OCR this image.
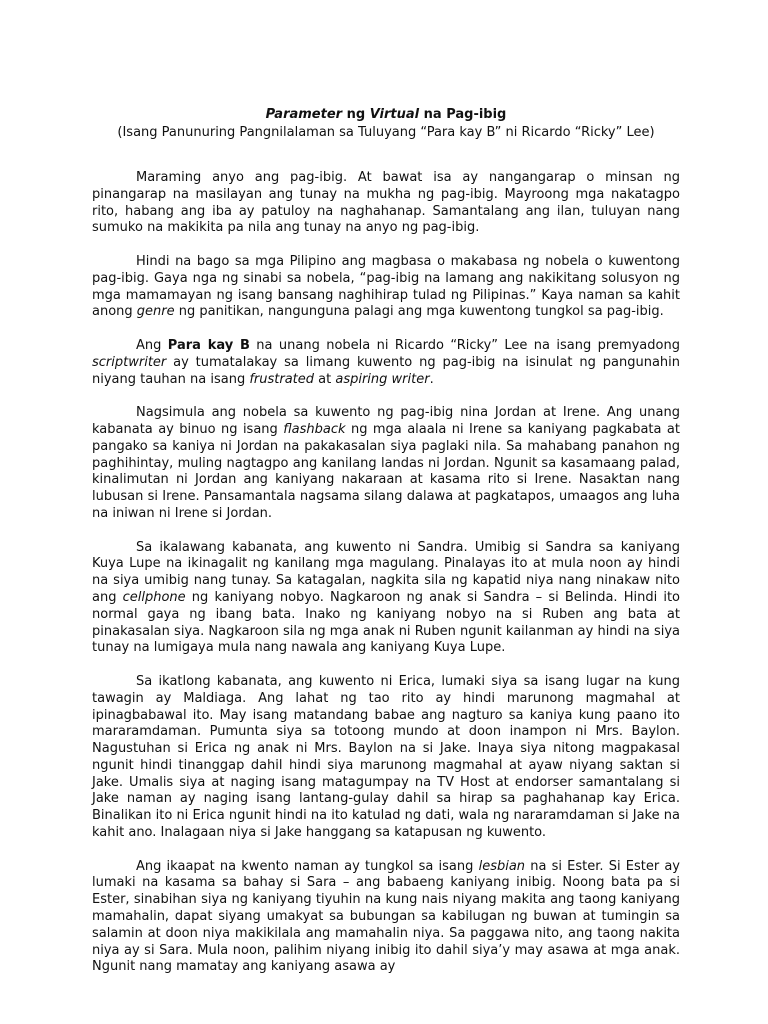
Parameter ng Virtual na Pag-ibig
(Isang Panunuring Pangnilalaman sa Tuluyang “Para kay B” ni Ricardo “Ricky” Lee)

Maraming anyo ang pag-ibig. At bawat isa ay nangangarap o minsan ng pinangarap na masilayan ang tunay na mukha ng pag-ibig. Mayroong mga nakatagpo rito, habang ang iba ay patuloy na naghahanap. Samantalang ang ilan, tuluyan nang sumuko na makikita pa nila ang tunay na anyo ng pag-ibig.

Hindi na bago sa mga Pilipino ang magbasa o makabasa ng nobela o kuwentong pag-ibig. Gaya nga ng sinabi sa nobela, “pag-ibig na lamang ang nakikitang solusyon ng mga mamamayan ng isang bansang naghihirap tulad ng Pilipinas.” Kaya naman sa kahit anong genre ng panitikan, nangunguna palagi ang mga kuwentong tungkol sa pag-ibig.

Ang Para kay B na unang nobela ni Ricardo “Ricky” Lee na isang premyadong scriptwriter ay tumatalakay sa limang kuwento ng pag-ibig na isinulat ng pangunahin niyang tauhan na isang frustrated at aspiring writer.

Nagsimula ang nobela sa kuwento ng pag-ibig nina Jordan at Irene. Ang unang kabanata ay binuo ng isang flashback ng mga alaala ni Irene sa kaniyang pagkabata at pangako sa kaniya ni Jordan na pakakasalan siya paglaki nila. Sa mahabang panahon ng paghihintay, muling nagtagpo ang kanilang landas ni Jordan. Ngunit sa kasamaang palad, kinalimutan ni Jordan ang kaniyang nakaraan at kasama rito si Irene. Nasaktan nang lubusan si Irene. Pansamantala nagsama silang dalawa at pagkatapos, umaagos ang luha na iniwan ni Irene si Jordan.

Sa ikalawang kabanata, ang kuwento ni Sandra. Umibig si Sandra sa kaniyang Kuya Lupe na ikinagalit ng kanilang mga magulang. Pinalayas ito at mula noon ay hindi na siya umibig nang tunay. Sa katagalan, nagkita sila ng kapatid niya nang ninakaw nito ang cellphone ng kaniyang nobyo. Nagkaroon ng anak si Sandra – si Belinda. Hindi ito normal gaya ng ibang bata. Inako ng kaniyang nobyo na si Ruben ang bata at pinakasalan siya. Nagkaroon sila ng mga anak ni Ruben ngunit kailanman ay hindi na siya tunay na lumigaya mula nang nawala ang kaniyang Kuya Lupe.

Sa ikatlong kabanata, ang kuwento ni Erica, lumaki siya sa isang lugar na kung tawagin ay Maldiaga. Ang lahat ng tao rito ay hindi marunong magmahal at ipinagbabawal ito. May isang matandang babae ang nagturo sa kaniya kung paano ito mararamdaman. Pumunta siya sa totoong mundo at doon inampon ni Mrs. Baylon. Nagustuhan si Erica ng anak ni Mrs. Baylon na si Jake. Inaya siya nitong magpakasal ngunit hindi tinanggap dahil hindi siya marunong magmahal at ayaw niyang saktan si Jake. Umalis siya at naging isang matagumpay na TV Host at endorser samantalang si Jake naman ay naging isang lantang-gulay dahil sa hirap sa paghahanap kay Erica. Binalikan ito ni Erica ngunit hindi na ito katulad ng dati, wala ng nararamdaman si Jake na kahit ano. Inalagaan niya si Jake hanggang sa katapusan ng kuwento.

Ang ikaapat na kwento naman ay tungkol sa isang lesbian na si Ester. Si Ester ay lumaki na kasama sa bahay si Sara – ang babaeng kaniyang inibig. Noong bata pa si Ester, sinabihan siya ng kaniyang tiyuhin na kung nais niyang makita ang taong kaniyang mamahalin, dapat siyang umakyat sa bubungan sa kabilugan ng buwan at tumingin sa salamin at doon niya makikilala ang mamahalin niya. Sa paggawa nito, ang taong nakita niya ay si Sara. Mula noon, palihim niyang inibig ito dahil siya’y may asawa at mga anak. Ngunit nang mamatay ang kaniyang asawa ay
